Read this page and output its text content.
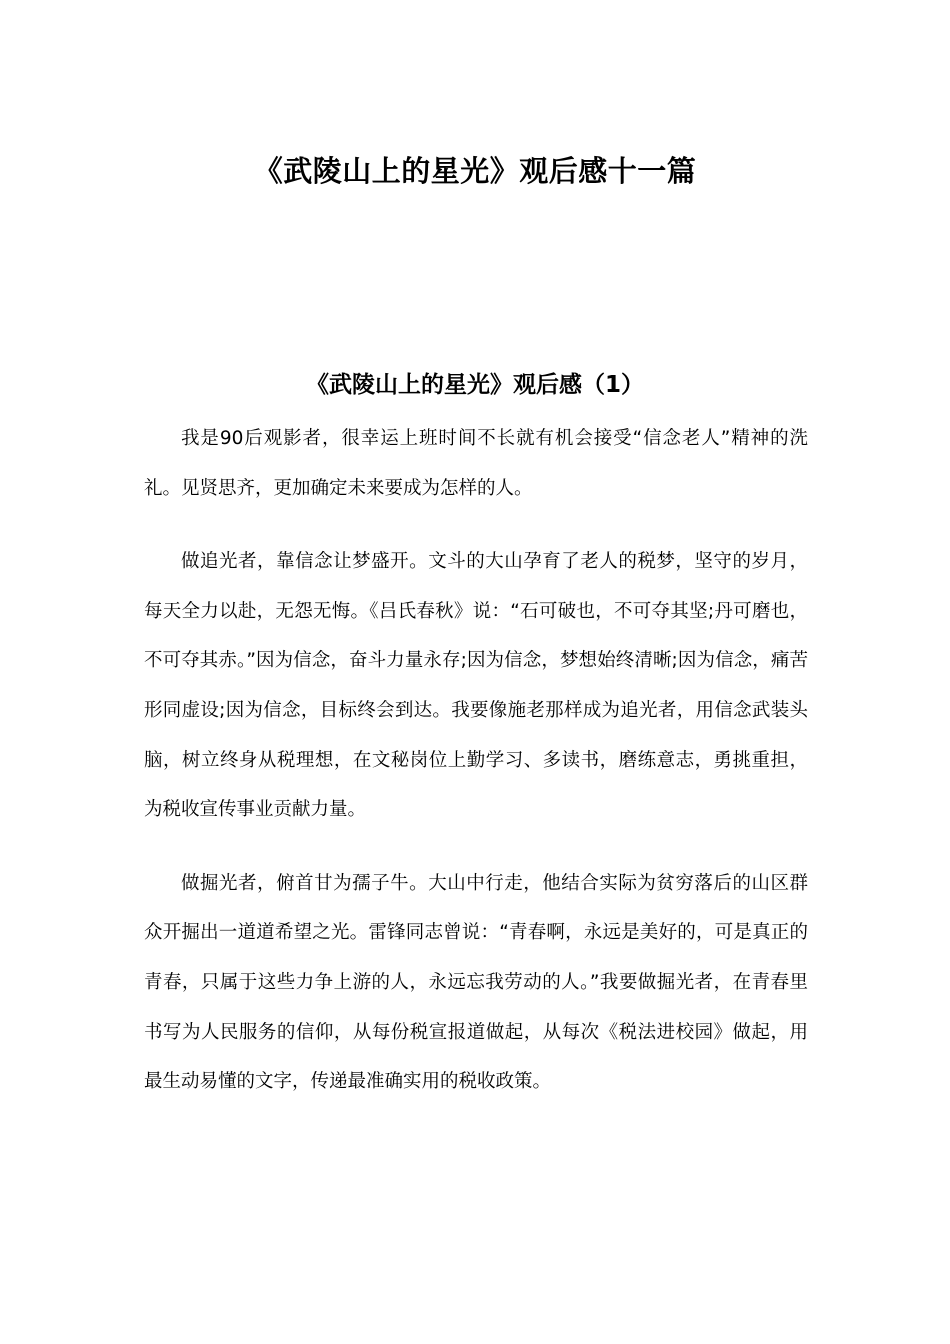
《武陵山上的星光》观后感十一篇
《武陵山上的星光》观后感（1）

我是90后观影者，很幸运上班时间不长就有机会接受“信念老人”精神的洗礼。见贤思齐，更加确定未来要成为怎样的人。

做追光者，靠信念让梦盛开。文斗的大山孕育了老人的税梦，坚守的岁月，每天全力以赴，无怨无悔。《吕氏春秋》说：“石可破也，不可夺其坚;丹可磨也，不可夺其赤。”因为信念，奋斗力量永存;因为信念，梦想始终清晰;因为信念，痛苦形同虚设;因为信念，目标终会到达。我要像施老那样成为追光者，用信念武装头脑，树立终身从税理想，在文秘岗位上勤学习、多读书，磨练意志，勇挑重担，为税收宣传事业贡献力量。

做掘光者，俯首甘为孺子牛。大山中行走，他结合实际为贫穷落后的山区群众开掘出一道道希望之光。雷锋同志曾说：“青春啊，永远是美好的，可是真正的青春，只属于这些力争上游的人，永远忘我劳动的人。”我要做掘光者，在青春里书写为人民服务的信仰，从每份税宣报道做起，从每次《税法进校园》做起，用最生动易懂的文字，传递最准确实用的税收政策。
